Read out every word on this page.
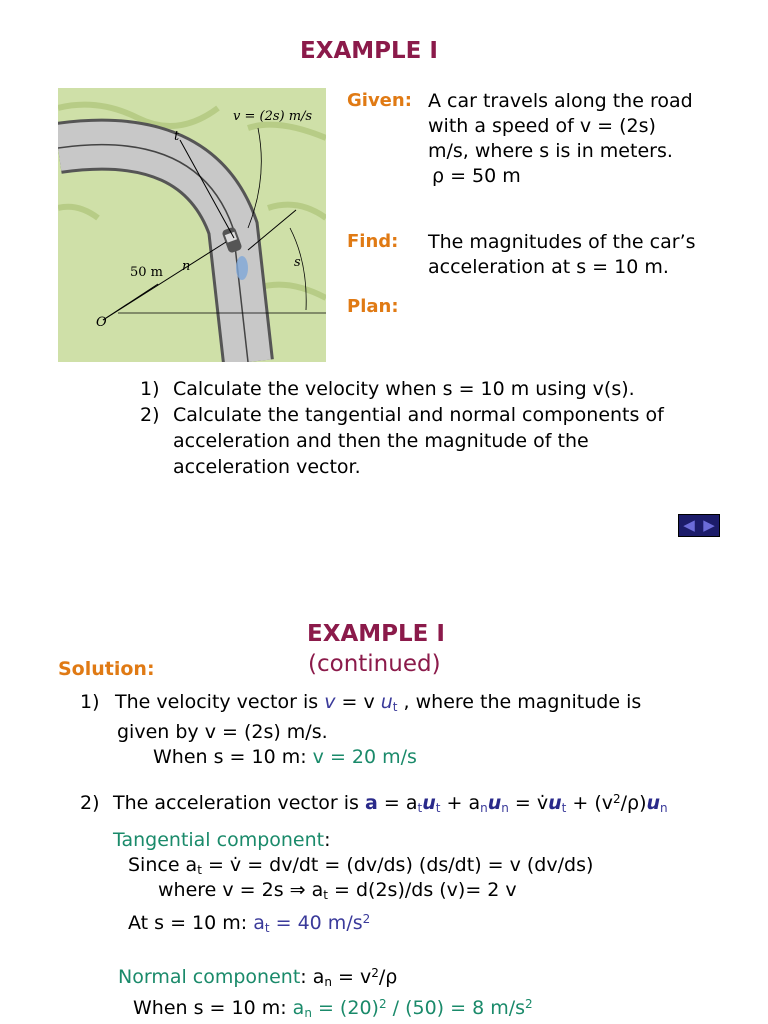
EXAMPLE I
v = (2s) m/s
t
n	s
50 m
O
Given: A car travels along the road
with a speed of v = (2s)
m/s, where s is in meters.
ρ = 50 m
Find: The magnitudes of the car’s
acceleration at s = 10 m.
Plan:
1) Calculate the velocity when s = 10 m using v(s).
2) Calculate the tangential and normal components of
acceleration and then the magnitude of the
acceleration vector.
◀ ▶
EXAMPLE I
(continued)
Solution:
1) The velocity vector is v = v $u_t$ , where the magnitude is
given by v = (2s) m/s.
When s = 10 m: v = 20 m/s
2) The acceleration vector is $a = a_tu_t + a_nu_n$ = $v̇u_t + (v^2/\rho)u_n$
Tangential component:
Since $a_t$ = v̇ = dv/dt = (dv/ds) (ds/dt) = v (dv/ds)
where v = 2s ⇒ $a_t = d(2s)/ds$ (v)= 2 v
At s = 10 m: $a_t = 40$ $m/s^2$
Normal component: $a_n = v^2/\rho$
When s = 10 m: $a_n = (20)^2 / (50) = 8$ $m/s^2$
